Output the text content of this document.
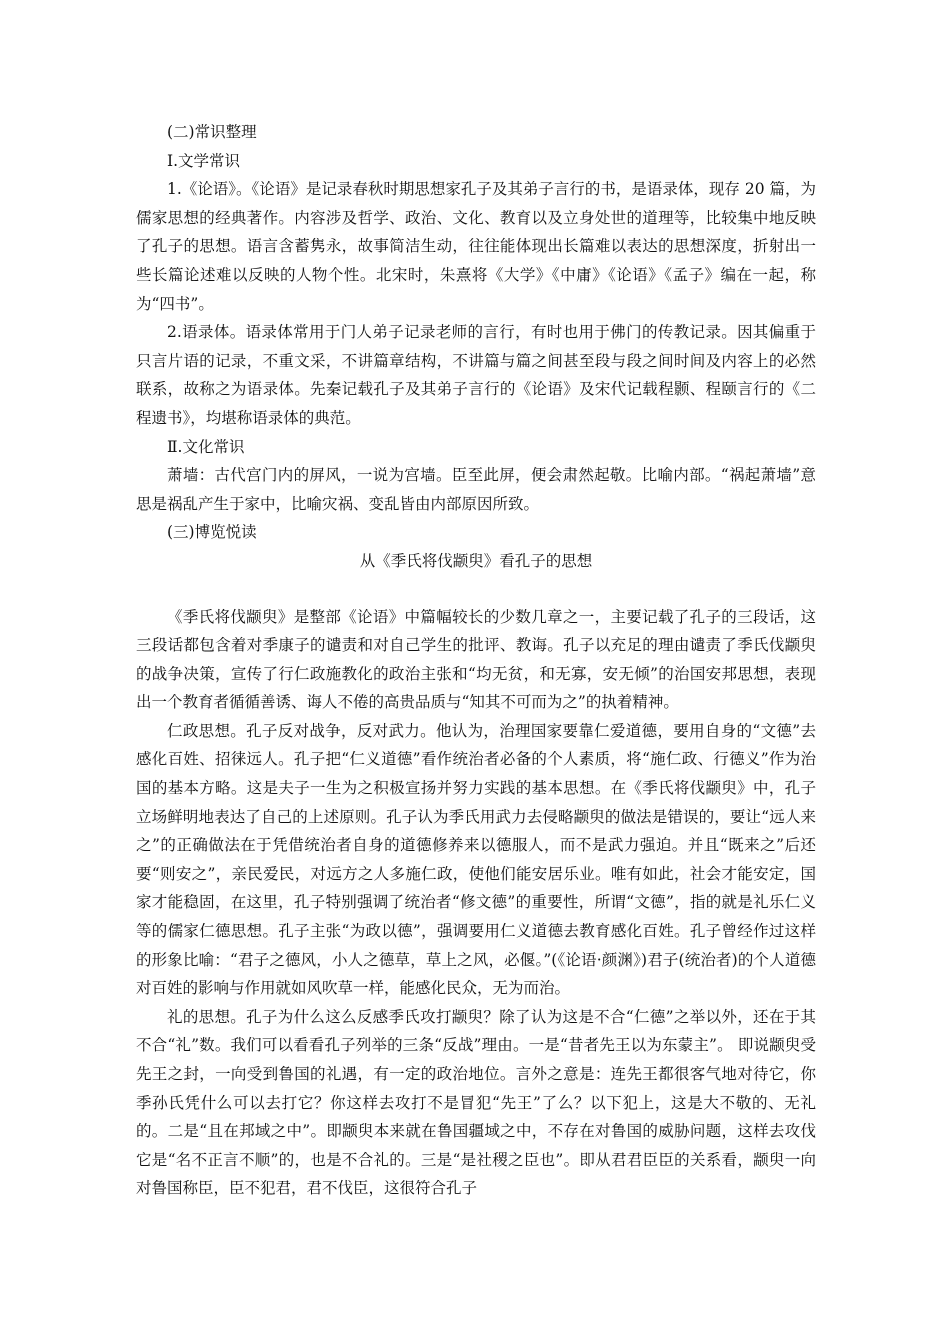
(二)常识整理

Ⅰ.文学常识

1.《论语》。《论语》是记录春秋时期思想家孔子及其弟子言行的书，是语录体，现存 20 篇，为儒家思想的经典著作。内容涉及哲学、政治、文化、教育以及立身处世的道理等，比较集中地反映了孔子的思想。语言含蓄隽永，故事简洁生动，往往能体现出长篇难以表达的思想深度，折射出一些长篇论述难以反映的人物个性。北宋时，朱熹将《大学》《中庸》《论语》《孟子》编在一起，称为“四书”。

2.语录体。语录体常用于门人弟子记录老师的言行，有时也用于佛门的传教记录。因其偏重于只言片语的记录，不重文采，不讲篇章结构，不讲篇与篇之间甚至段与段之间时间及内容上的必然联系，故称之为语录体。先秦记载孔子及其弟子言行的《论语》及宋代记载程颢、程颐言行的《二程遗书》，均堪称语录体的典范。

Ⅱ.文化常识

萧墙：古代宫门内的屏风，一说为宫墙。臣至此屏，便会肃然起敬。比喻内部。“祸起萧墙”意思是祸乱产生于家中，比喻灾祸、变乱皆由内部原因所致。

(三)博览悦读

从《季氏将伐颛臾》看孔子的思想

《季氏将伐颛臾》是整部《论语》中篇幅较长的少数几章之一，主要记载了孔子的三段话，这三段话都包含着对季康子的谴责和对自己学生的批评、教诲。孔子以充足的理由谴责了季氏伐颛臾的战争决策，宣传了行仁政施教化的政治主张和“均无贫，和无寡，安无倾”的治国安邦思想，表现出一个教育者循循善诱、诲人不倦的高贵品质与“知其不可而为之”的执着精神。

仁政思想。孔子反对战争，反对武力。他认为，治理国家要靠仁爱道德，要用自身的“文德”去感化百姓、招徕远人。孔子把“仁义道德”看作统治者必备的个人素质，将“施仁政、行德义”作为治国的基本方略。这是夫子一生为之积极宣扬并努力实践的基本思想。在《季氏将伐颛臾》中，孔子立场鲜明地表达了自己的上述原则。孔子认为季氏用武力去侵略颛臾的做法是错误的，要让“远人来之”的正确做法在于凭借统治者自身的道德修养来以德服人，而不是武力强迫。并且“既来之”后还要“则安之”，亲民爱民，对远方之人多施仁政，使他们能安居乐业。唯有如此，社会才能安定，国家才能稳固，在这里，孔子特别强调了统治者“修文德”的重要性，所谓“文德”，指的就是礼乐仁义等的儒家仁德思想。孔子主张“为政以德”，强调要用仁义道德去教育感化百姓。孔子曾经作过这样的形象比喻：“君子之德风，小人之德草，草上之风，必偃。”(《论语·颜渊》)君子(统治者)的个人道德对百姓的影响与作用就如风吹草一样，能感化民众，无为而治。

礼的思想。孔子为什么这么反感季氏攻打颛臾？除了认为这是不合“仁德”之举以外，还在于其不合“礼”数。我们可以看看孔子列举的三条“反战”理由。一是“昔者先王以为东蒙主”。 即说颛臾受先王之封，一向受到鲁国的礼遇，有一定的政治地位。言外之意是：连先王都很客气地对待它，你季孙氏凭什么可以去打它？你这样去攻打不是冒犯“先王”了么？以下犯上，这是大不敬的、无礼的。二是“且在邦域之中”。即颛臾本来就在鲁国疆域之中，不存在对鲁国的威胁问题，这样去攻伐它是“名不正言不顺”的，也是不合礼的。三是“是社稷之臣也”。即从君君臣臣的关系看，颛臾一向对鲁国称臣，臣不犯君，君不伐臣，这很符合孔子
